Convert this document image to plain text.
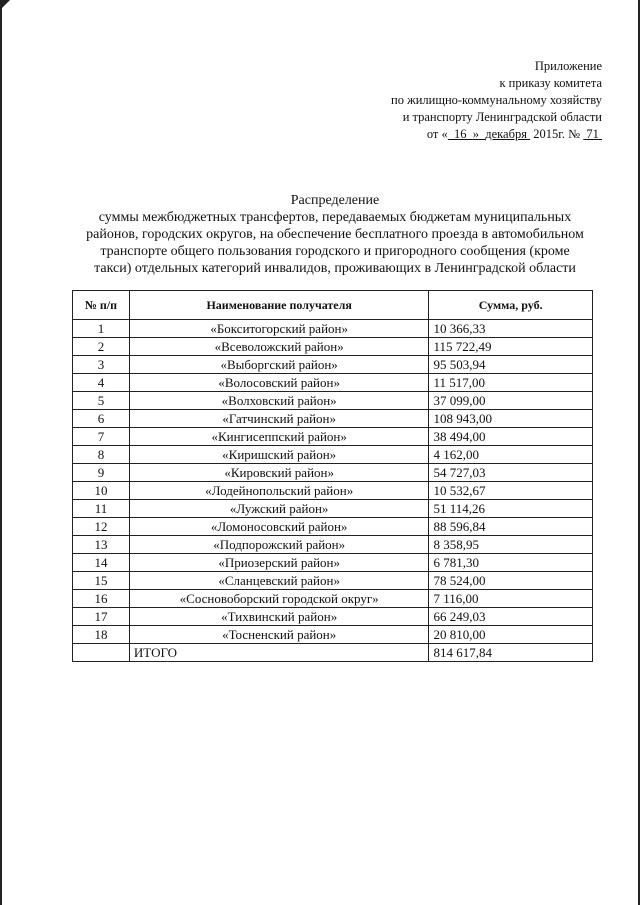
Приложение
к приказу комитета
по жилищно-коммунальному хозяйству
и транспорту Ленинградской области
от « 16 » декабря 2015г. № 71
Распределение
суммы межбюджетных трансфертов, передаваемых бюджетам муниципальных
районов, городских округов, на обеспечение бесплатного проезда в автомобильном
транспорте общего пользования городского и пригородного сообщения (кроме
такси) отдельных категорий инвалидов, проживающих в Ленинградской области
№ п/п	Наименование получателя	Сумма, руб.
1	«Бокситогорский район»	10 366,33
2	«Всеволожский район»	115 722,49
3	«Выборгский район»	95 503,94
4	«Волосовский район»	11 517,00
5	«Волховский район»	37 099,00
6	«Гатчинский район»	108 943,00
7	«Кингисеппский район»	38 494,00
8	«Киришский район»	4 162,00
9	«Кировский район»	54 727,03
10	«Лодейнопольский район»	10 532,67
11	«Лужский район»	51 114,26
12	«Ломоносовский район»	88 596,84
13	«Подпорожский район»	8 358,95
14	«Приозерский район»	6 781,30
15	«Сланцевский район»	78 524,00
16	«Сосновоборский городской округ»	7 116,00
17	«Тихвинский район»	66 249,03
18	«Тосненский район»	20 810,00
	ИТОГО	814 617,84
